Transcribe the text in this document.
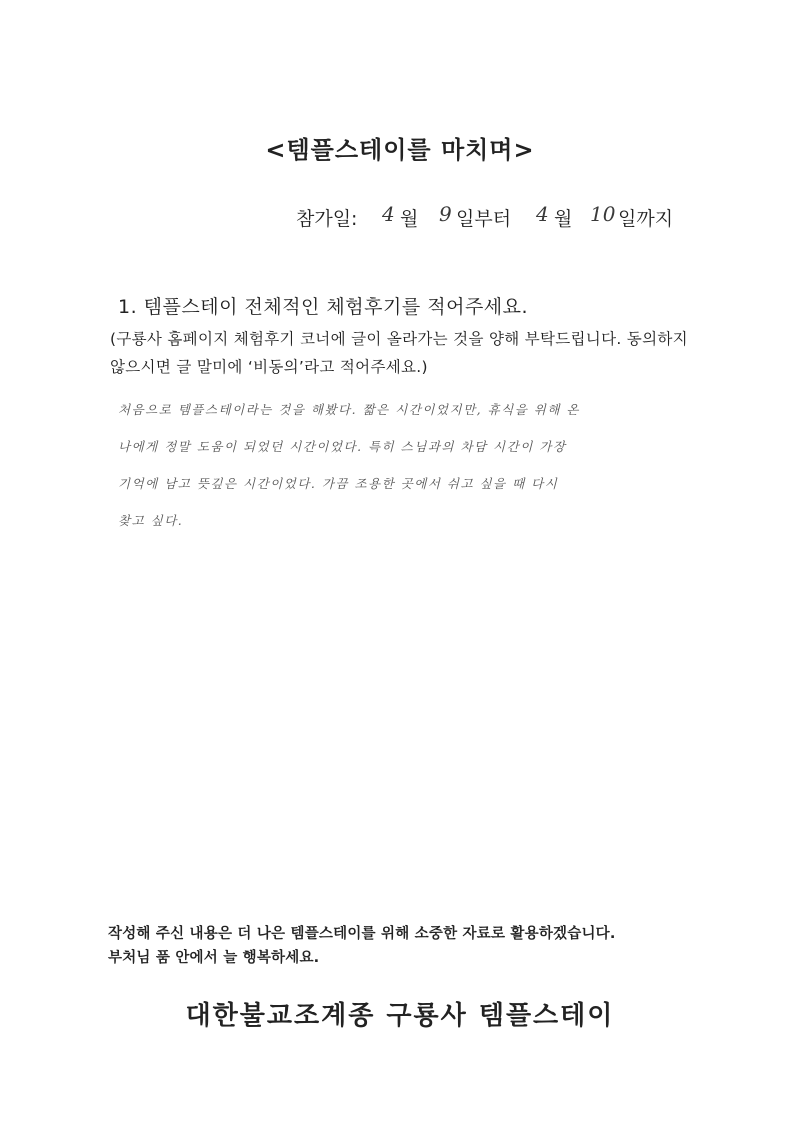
<템플스테이를 마치며>
참가일: 4 월 9 일부터 4 월 10 일까지
1. 템플스테이 전체적인 체험후기를 적어주세요.
(구룡사 홈페이지 체험후기 코너에 글이 올라가는 것을 양해 부탁드립니다. 동의하지 않으시면 글 말미에 ‘비동의’라고 적어주세요.)
처음으로 템플스테이라는 것을 해봤다. 짧은 시간이었지만, 휴식을 위해 온
나에게 정말 도움이 되었던 시간이었다. 특히 스님과의 차담 시간이 가장
기억에 남고 뜻깊은 시간이었다. 가끔 조용한 곳에서 쉬고 싶을 때 다시
찾고 싶다.
작성해 주신 내용은 더 나은 템플스테이를 위해 소중한 자료로 활용하겠습니다.
부처님 품 안에서 늘 행복하세요.
대한불교조계종 구룡사 템플스테이
